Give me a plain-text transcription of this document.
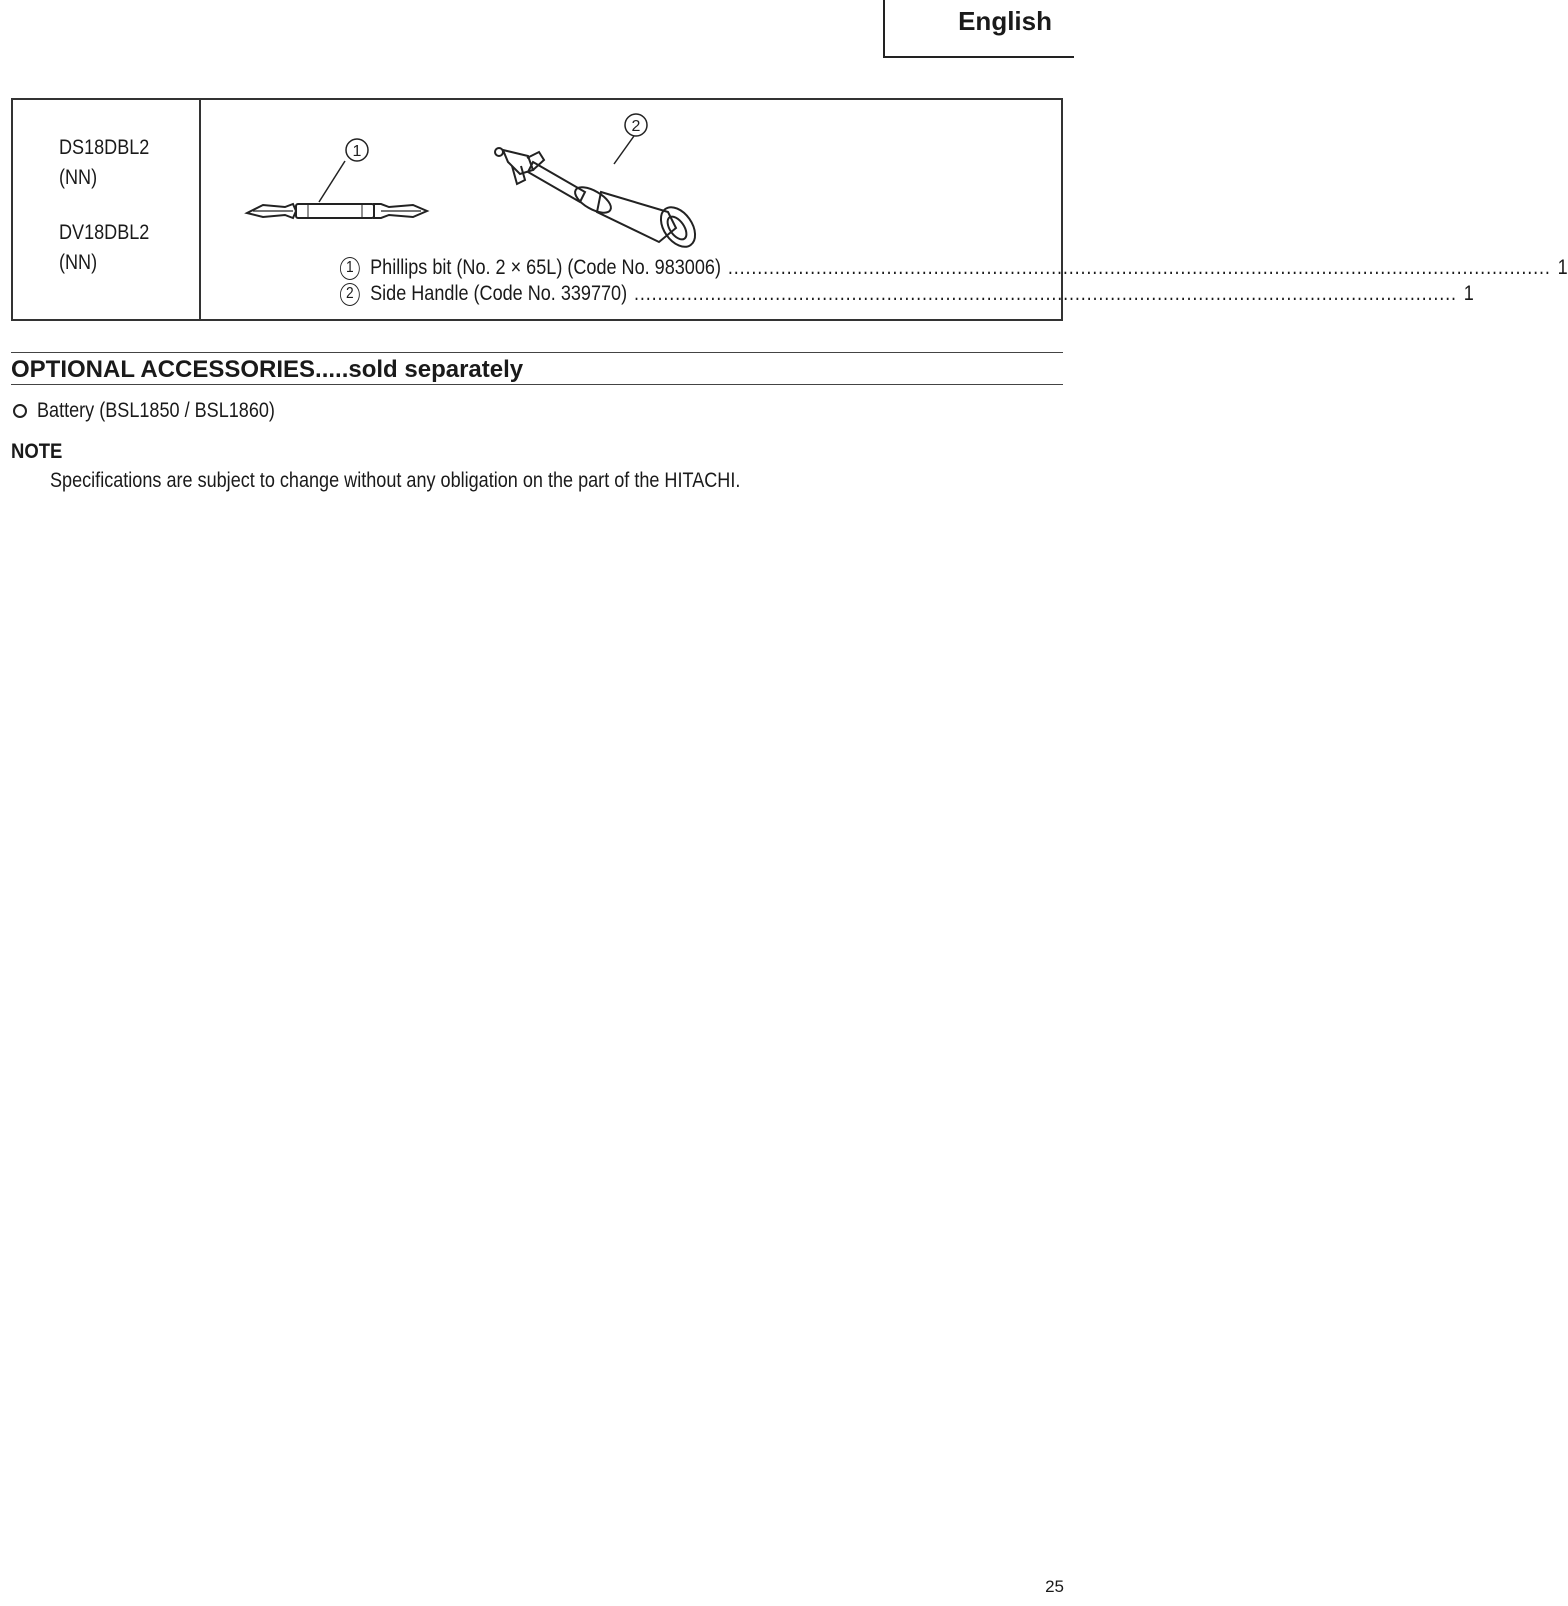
English
DS18DBL2
(NN)
DV18DBL2
(NN)
1
2
1 Phillips bit (No. 2 × 65L) (Code No. 983006) ............................................................................................................................................ 1
2 Side Handle (Code No. 339770) ............................................................................................................................................ 1
OPTIONAL ACCESSORIES.....sold separately
Battery (BSL1850 / BSL1860)
NOTE
Specifications are subject to change without any obligation on the part of the HITACHI.
25
